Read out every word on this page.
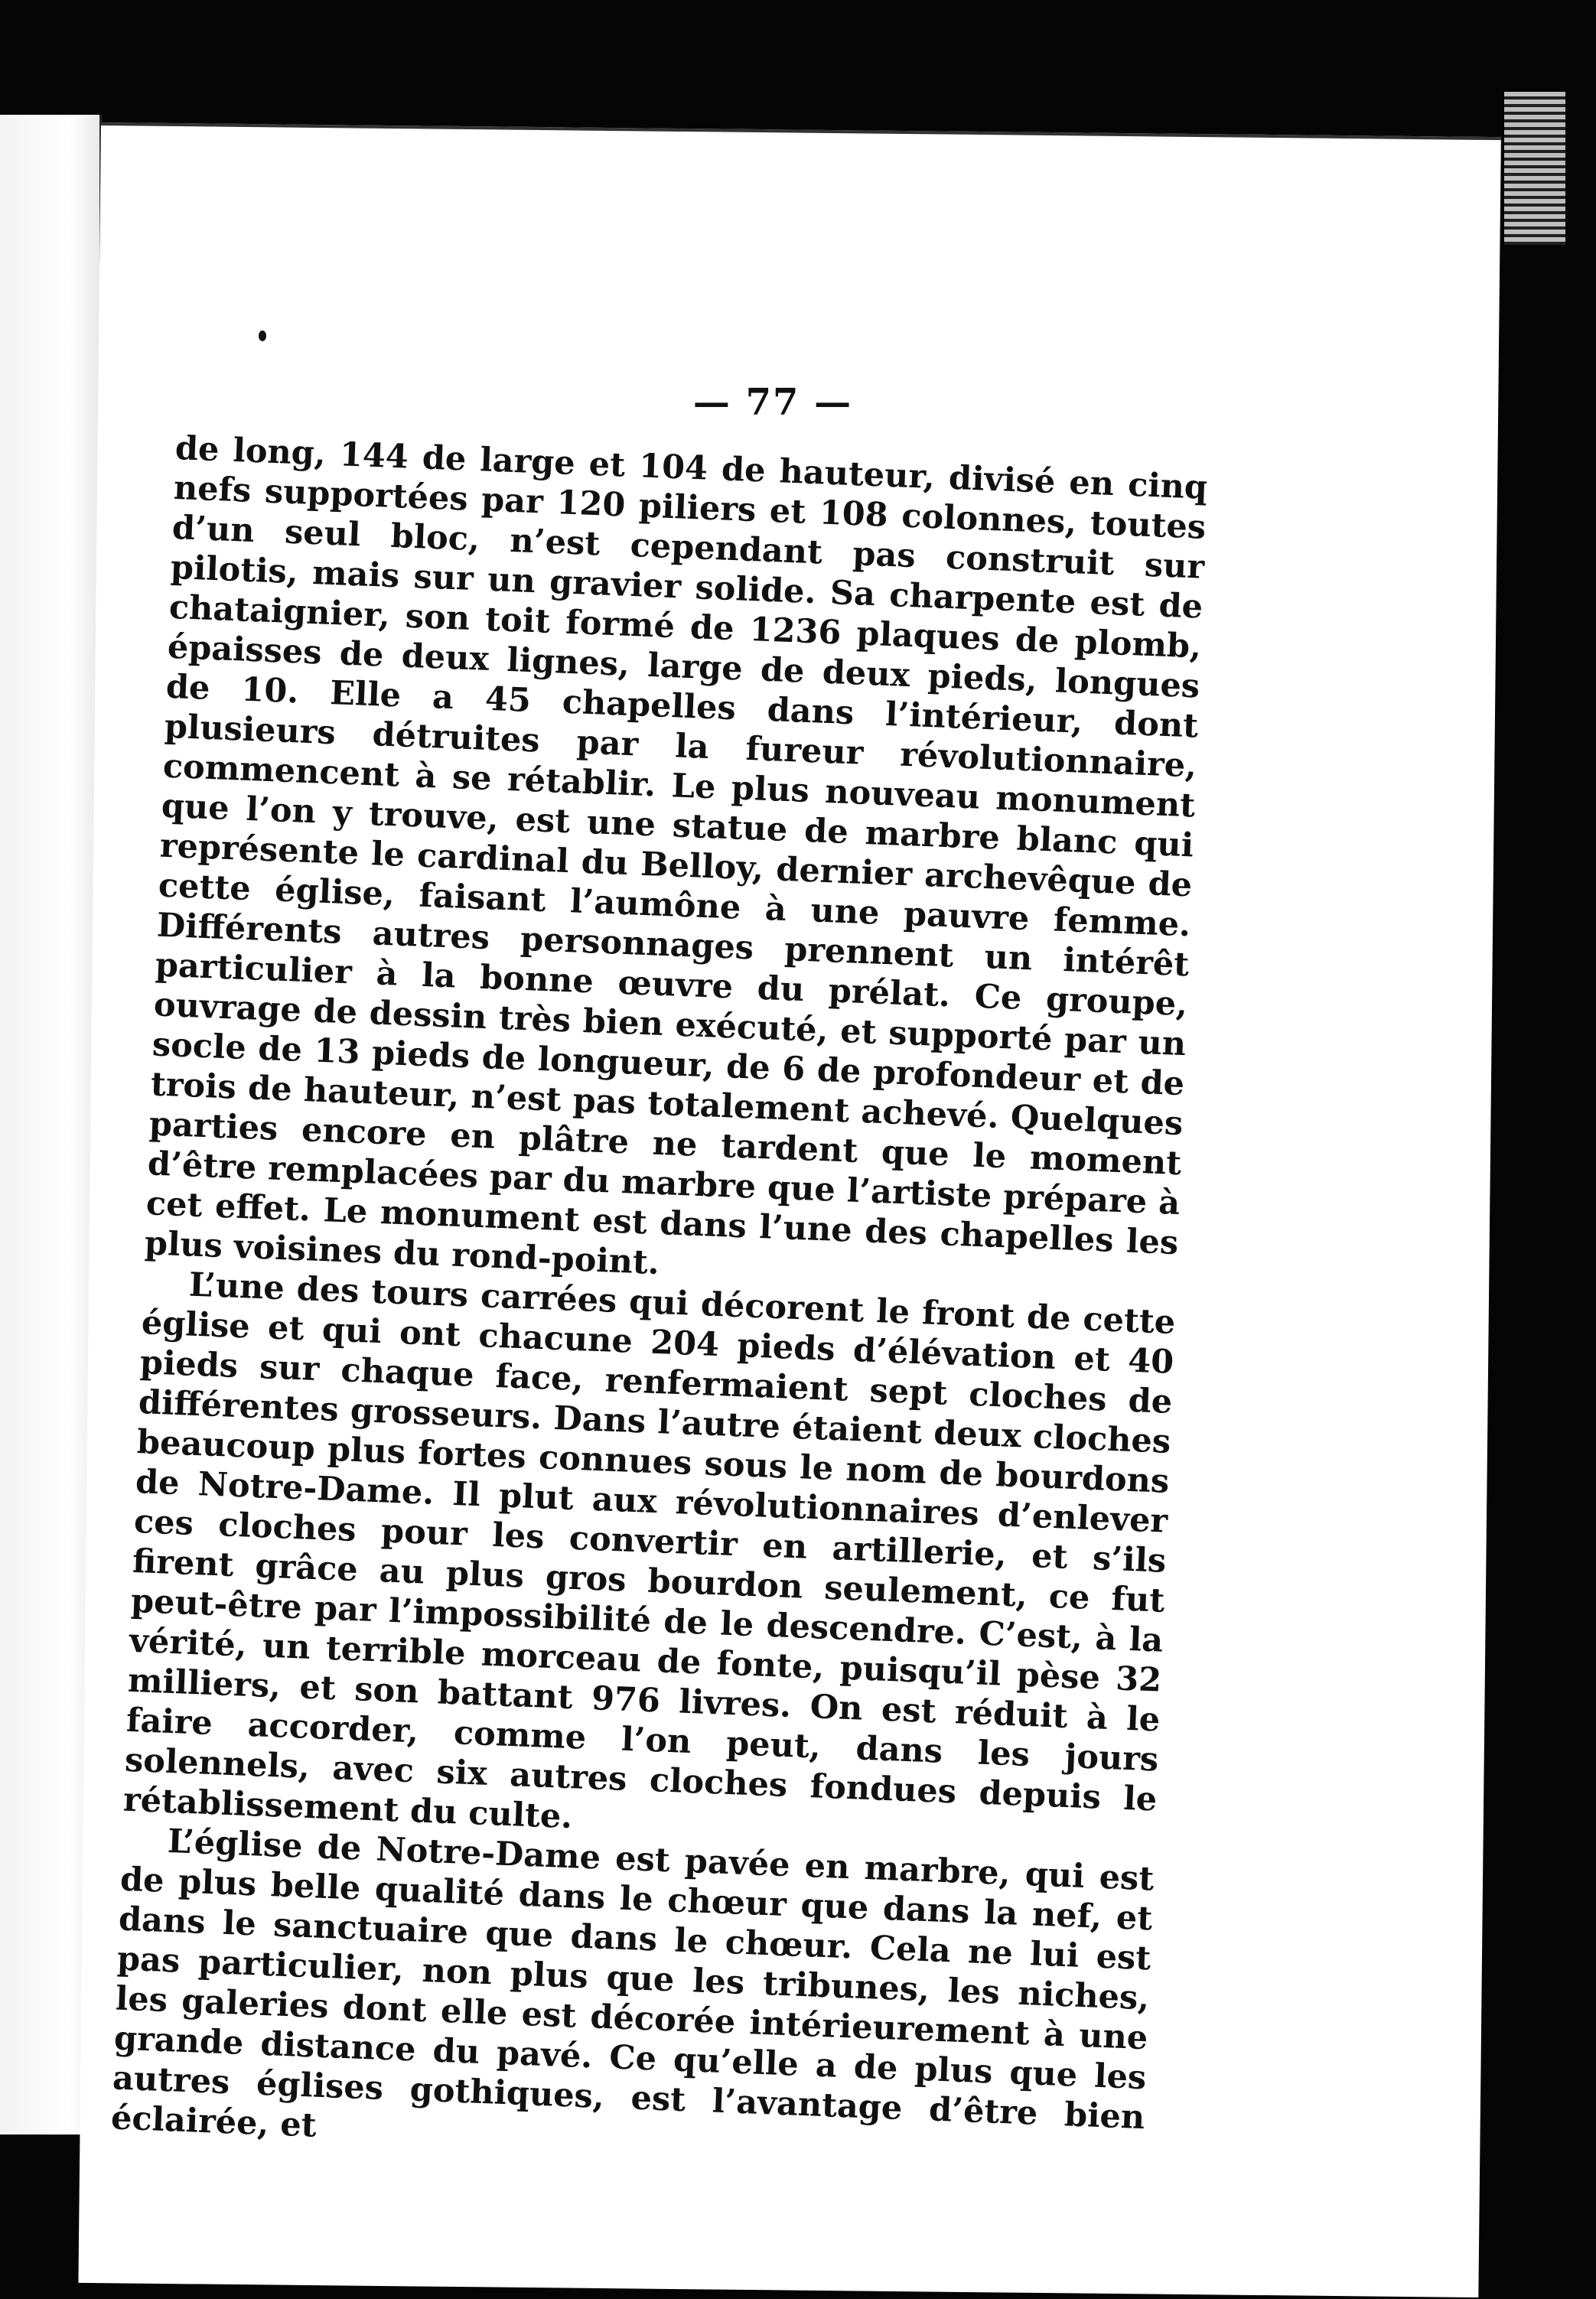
— 77 —

de long, 144 de large et 104 de hauteur, divisé en cinq nefs supportées par 120 piliers et 108 colonnes, toutes d’un seul bloc, n’est cependant pas construit sur pilotis, mais sur un gravier solide. Sa charpente est de chataignier, son toit formé de 1236 plaques de plomb, épaisses de deux lignes, large de deux pieds, longues de 10. Elle a 45 chapelles dans l’intérieur, dont plusieurs détruites par la fureur révolutionnaire, commencent à se rétablir. Le plus nouveau monument que l’on y trouve, est une statue de marbre blanc qui représente le cardinal du Belloy, dernier archevêque de cette église, faisant l’aumône à une pauvre femme. Différents autres personnages prennent un intérêt particulier à la bonne œuvre du prélat. Ce groupe, ouvrage de dessin très bien exécuté, et supporté par un socle de 13 pieds de longueur, de 6 de profondeur et de trois de hauteur, n’est pas totalement achevé. Quelques parties encore en plâtre ne tardent que le moment d’être remplacées par du marbre que l’artiste prépare à cet effet. Le monument est dans l’une des chapelles les plus voisines du rond-point.

L’une des tours carrées qui décorent le front de cette église et qui ont chacune 204 pieds d’élévation et 40 pieds sur chaque face, renfermaient sept cloches de différentes grosseurs. Dans l’autre étaient deux cloches beaucoup plus fortes connues sous le nom de bourdons de Notre-Dame. Il plut aux révolutionnaires d’enlever ces cloches pour les convertir en artillerie, et s’ils firent grâce au plus gros bourdon seulement, ce fut peut-être par l’impossibilité de le descendre. C’est, à la vérité, un terrible morceau de fonte, puisqu’il pèse 32 milliers, et son battant 976 livres. On est réduit à le faire accorder, comme l’on peut, dans les jours solennels, avec six autres cloches fondues depuis le rétablissement du culte.

L’église de Notre-Dame est pavée en marbre, qui est de plus belle qualité dans le chœur que dans la nef, et dans le sanctuaire que dans le chœur. Cela ne lui est pas particulier, non plus que les tribunes, les niches, les galeries dont elle est décorée intérieurement à une grande distance du pavé. Ce qu’elle a de plus que les autres églises gothiques, est l’avantage d’être bien éclairée, et
